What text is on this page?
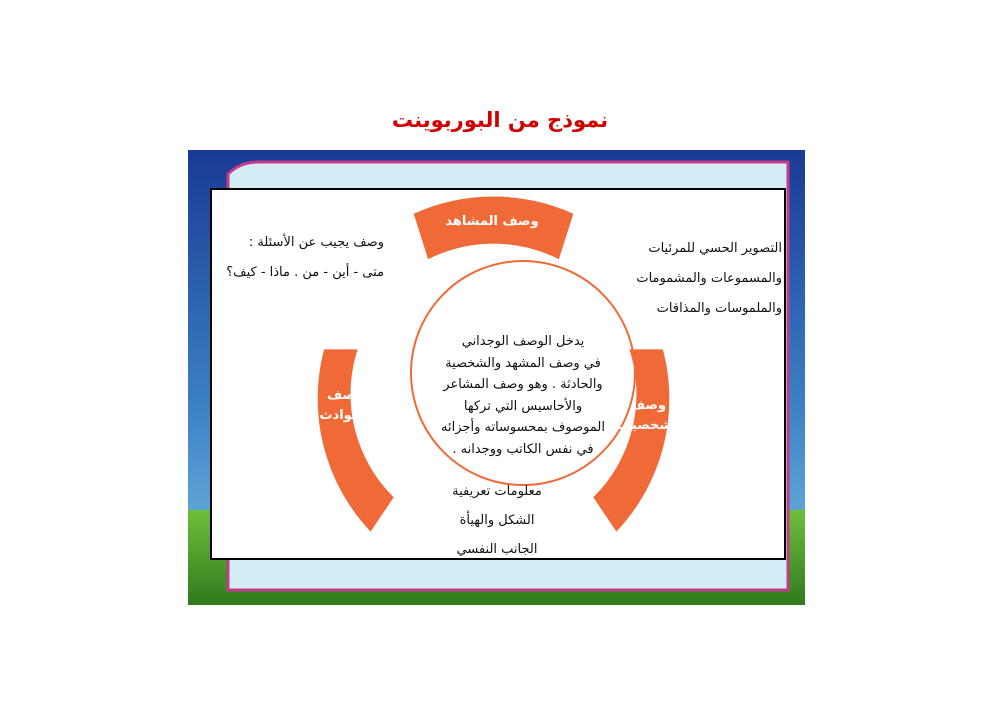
نموذج من البوربوينت
وصف المشاهد
وصف
الحوادث
وصف
الشخصيات
يدخل الوصف الوجداني
في وصف المشهد والشخصية
والحادثة . وهو وصف المشاعر
والأحاسيس التي تركها
الموصوف بمحسوساته وأجزائه
في نفس الكاتب ووجدانه .
وصف يجيب عن الأسئلة :
متى - أين - من . ماذا - كيف؟
التصوير الحسي للمرئيات
والمسموعات والمشمومات
والملموسات والمذاقات
معلومات تعريفية
الشكل والهيأة
الجانب النفسي
